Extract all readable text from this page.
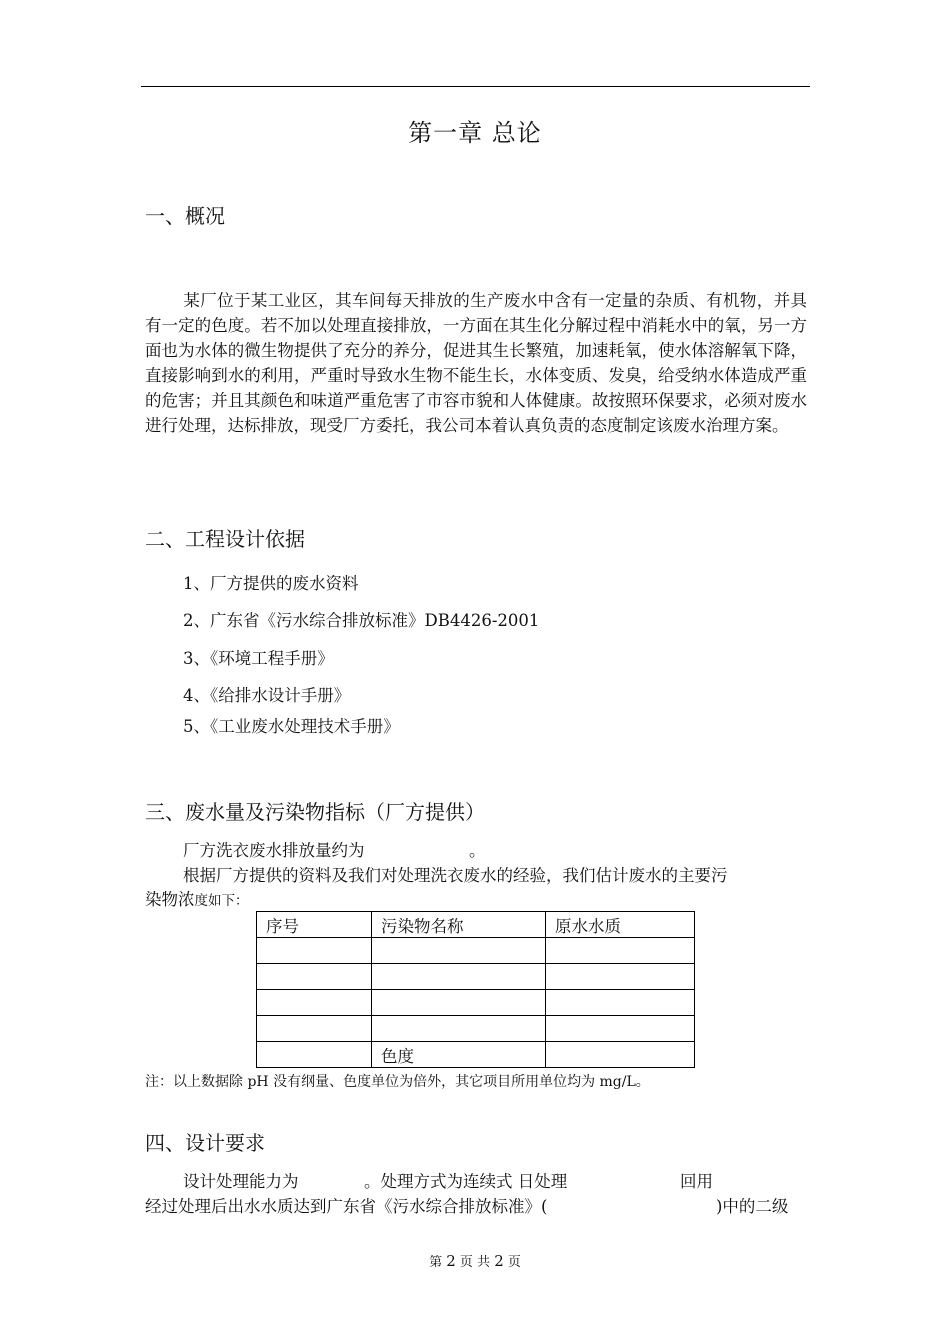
第一章 总论
一、概况
某厂位于某工业区，其车间每天排放的生产废水中含有一定量的杂质、有机物，并具有一定的色度。若不加以处理直接排放，一方面在其生化分解过程中消耗水中的氧，另一方面也为水体的微生物提供了充分的养分，促进其生长繁殖，加速耗氧，使水体溶解氧下降，直接影响到水的利用，严重时导致水生物不能生长，水体变质、发臭，给受纳水体造成严重的危害；并且其颜色和味道严重危害了市容市貌和人体健康。故按照环保要求，必须对废水进行处理，达标排放，现受厂方委托，我公司本着认真负责的态度制定该废水治理方案。
二、工程设计依据
1、厂方提供的废水资料
2、广东省《污水综合排放标准》DB4426-2001
3、《环境工程手册》
4、《给排水设计手册》
5、《工业废水处理技术手册》
三、废水量及污染物指标（厂方提供）
厂方洗衣废水排放量约为	。
根据厂方提供的资料及我们对处理洗衣废水的经验，我们估计废水的主要污
染物浓度如下：
序号	污染物名称	原水水质

	色度	
注：以上数据除 pH 没有纲量、色度单位为倍外，其它项目所用单位均为 mg/L。
四、设计要求
设计处理能力为	。处理方式为连续式 日处理	回用
经过处理后出水水质达到广东省《污水综合排放标准》(	)中的二级
第 2 页 共 2 页
